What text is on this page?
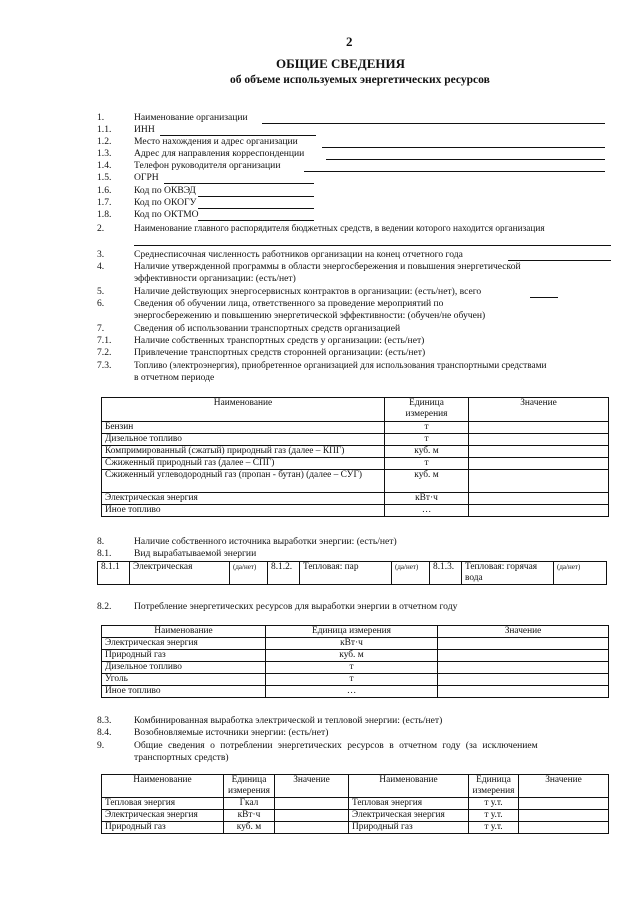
2
ОБЩИЕ СВЕДЕНИЯ
об объеме используемых энергетических ресурсов
1.	Наименование организации
1.1. ИНН
1.2. Место нахождения и адрес организации
1.3. Адрес для направления корреспонденции
1.4. Телефон руководителя организации
1.5. ОГРН
1.6. Код по ОКВЭД
1.7. Код по ОКОГУ
1.8. Код по ОКТМО
2.	Наименование главного распорядителя бюджетных средств, в ведении которого находится организация
3.	Среднесписочная численность работников организации на конец отчетного года
4.	Наличие утвержденной программы в области энергосбережения и повышения энергетической
эффективности организации: (есть/нет)
5.	Наличие действующих энергосервисных контрактов в организации: (есть/нет), всего
6.	Сведения об обучении лица, ответственного за проведение мероприятий по
энергосбережению и повышению энергетической эффективности: (обучен/не обучен)
7.	Сведения об использовании транспортных средств организацией
7.1. Наличие собственных транспортных средств у организации: (есть/нет)
7.2. Привлечение транспортных средств сторонней организации: (есть/нет)
7.3. Топливо (электроэнергия), приобретенное организацией для использования транспортными средствами
в отчетном периоде
Наименование	Единица измерения	Значение
Бензин	т	
Дизельное топливо	т	
Компримированный (сжатый) природный газ (далее – КПГ)	куб. м	
Сжиженный природный газ (далее – СПГ)	т	
Сжиженный углеводородный газ (пропан - бутан) (далее – СУГ)	куб. м	
Электрическая энергия	кВт·ч	
Иное топливо	…	
8.	Наличие собственного источника выработки энергии: (есть/нет)
8.1. Вид вырабатываемой энергии
8.1.1	Электрическая	(да/нет)	8.1.2.	Тепловая: пар	(да/нет)	8.1.3.	Тепловая: горячая вода	(да/нет)
8.2. Потребление энергетических ресурсов для выработки энергии в отчетном году
Наименование	Единица измерения	Значение
Электрическая энергия	кВт·ч	
Природный газ	куб. м	
Дизельное топливо	т	
Уголь	т	
Иное топливо	…	
8.3. Комбинированная выработка электрической и тепловой энергии: (есть/нет)
8.4. Возобновляемые источники энергии: (есть/нет)
9.	Общие сведения о потреблении энергетических ресурсов в отчетном году (за исключением
транспортных средств)
Наименование	Единица измерения	Значение	Наименование	Единица измерения	Значение
Тепловая энергия	Гкал		Тепловая энергия	т у.т.	
Электрическая энергия	кВт·ч		Электрическая энергия	т у.т.	
Природный газ	куб. м		Природный газ	т у.т.	
